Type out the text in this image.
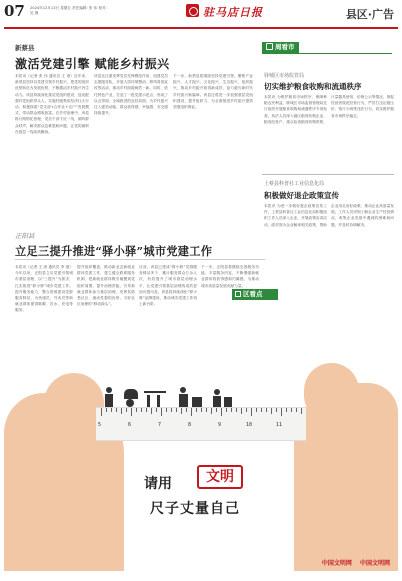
07 2024年12月13日 星期五 责任编辑: 张 伟 校对: 吴 静	驻马店日报	县区·广告
新蔡县
激活党建引擎 赋能乡村振兴
本报讯（记者 张 伟 通讯员 王 涛）近年来，新蔡县坚持以党建引领乡村振兴，把党的组织优势转化为发展优势，不断激活乡村振兴内生动力。该县持续深化基层党组织建设，选优配强村党组织带头人，实施村级集体经济壮大行动，积极探索“党支部+合作社+农户”发展模式，带动群众增收致富。在乡村治理中，该县推行网格化管理，党员干部下沉一线，倾听群众呼声，解决群众急难愁盼问题，让党的旗帜在基层一线高高飘扬。
该县还注重发挥党员先锋模范作用，组建党员志愿服务队，开展人居环境整治、移风易俗宣传等活动，推动乡村面貌焕然一新。同时，依托特色产业，打造了一批党建示范点，形成了以点带面、全域推进的良好局面，为乡村振兴注入强劲动能，群众获得感、幸福感、安全感持续提升。
下一步，新蔡县将继续坚持党建引领，聚焦产业振兴、人才振兴、文化振兴、生态振兴、组织振兴，推动乡村振兴取得新成效，奋力谱写新时代乡村振兴新篇章。该县还将进一步加强基层党组织建设，提升组织力，为全面推进乡村振兴提供坚强组织保证。
周看市
驿城区市场监管局
切实维护粮食收购和流通秩序
本报讯 为维护粮食市场秩序，保障种粮农民利益，驿城区市场监督管理局近日组织开展粮食收购和流通秩序专项检查。执法人员深入辖区粮食收购企业、粮食经营户，重点检查粮食收购资格、计量器具使用、价格公示等情况，督促经营者规范经营行为，严厉打击压级压价、短斤少两等违法行为，切实维护粮食市场秩序稳定。
上蔡县科普社工业信息化局
积极做好退企政策宣传
本报讯 为进一步做好惠企政策宣传工作，上蔡县科普社工业信息化局积极组织工作人员深入企业，开展政策宣讲活动，面对面为企业解读相关政策，帮助企业用足用好政策，推动企业高质量发展。工作人员详细了解企业生产经营情况，收集企业发展中遇到的困难和问题，并及时协调解决。
正阳县
立足三提升推进“驿小驿”城市党建工作
本报讯（记者 王 涛 通讯员 李 强）今年以来，正阳县立足党建引领城市基层治理，以“三提升”为抓手，扎实推进“驿小驿”城市党建工作。提升服务能力，整合资源建设党群服务驿站，为快递员、外卖员等新就业群体提供歇脚、饮水、充电等服务。
提升组织覆盖，推动新业态新就业群体党建工作，建立健全联系服务机制，把新就业群体吸引凝聚到党组织周围。提升治理效能，引导新就业群体参与基层治理，发挥其熟悉社区、流动性强的优势，当好社区治理的“移动探头”。
目前，该县已建成“驿小驿”党群服务驿站多个，累计服务群众万余人次，有效提升了城市基层治理水平，让党建引领基层治理的成效更加可感可及。该县将持续深化“驿小驿”品牌建设，推动城市党建工作再上新台阶。
下一步，正阳县将继续完善服务功能，丰富服务内容，不断增强新就业群体的获得感和归属感，为推动城市高质量发展贡献力量。
区看点
5	6	7	8	9	10	11
请用	文明
尺子丈量自己
中国文明网 中国文明网
